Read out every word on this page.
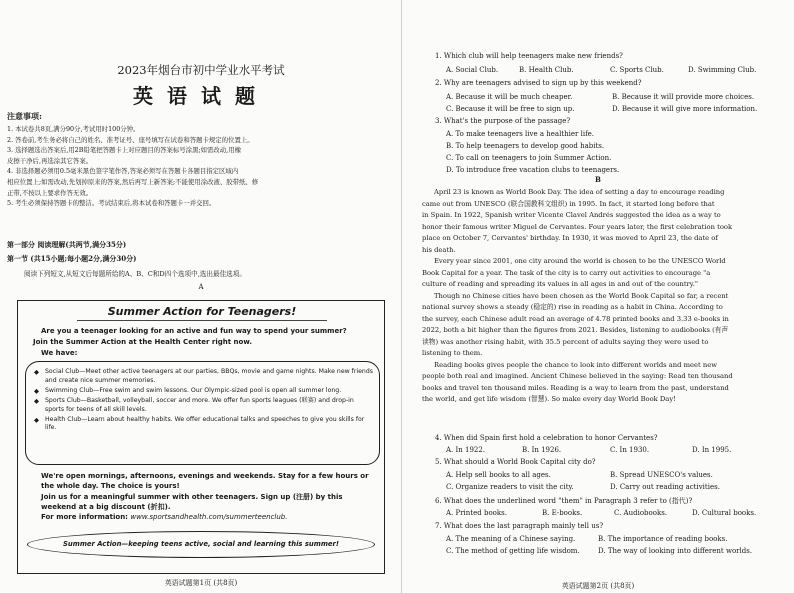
2023年烟台市初中学业水平考试
英语试题
注意事项:
1. 本试卷共8页,满分90分,考试用时100分钟。
2. 答卷前,考生务必将自己的姓名、准考证号、座号填写在试卷和答题卡规定的位置上。
3. 选择题选出答案后,用2B铅笔把答题卡上对应题目的答案标号涂黑;如需改动,用橡
皮擦干净后,再选涂其它答案。
4. 非选择题必须用0.5毫米黑色签字笔作答,答案必须写在答题卡各题目指定区域内
相应位置上;如需改动,先划掉原来的答案,然后再写上新答案;不能使用涂改液、胶带纸、修
正带,不按以上要求作答无效。
5. 考生必须保持答题卡的整洁。考试结束后,将本试卷和答题卡一并交回。
第一部分 阅读理解(共两节,满分35分)
第一节 (共15小题;每小题2分,满分30分)
阅读下列短文,从短文后每题所给的A、B、C和D四个选项中,选出最佳选项。
A
Summer Action for Teenagers!
Are you a teenager looking for an active and fun way to spend your summer?
Join the Summer Action at the Health Center right now.
We have:
◆ Social Club—Meet other active teenagers at our parties, BBQs, movie and game nights. Make new friends and create nice summer memories.
◆ Swimming Club—Free swim and swim lessons. Our Olympic-sized pool is open all summer long.
◆ Sports Club—Basketball, volleyball, soccer and more. We offer fun sports leagues (联赛) and drop-in sports for teens of all skill levels.
◆ Health Club—Learn about healthy habits. We offer educational talks and speeches to give you skills for life.
We're open mornings, afternoons, evenings and weekends. Stay for a few hours or the whole day. The choice is yours!
Join us for a meaningful summer with other teenagers. Sign up (注册) by this weekend at a big discount (折扣).
For more information: www.sportsandhealth.com/summerteenclub.
Summer Action—keeping teens active, social and learning this summer!
英语试题第1页 (共8页)
1. Which club will help teenagers make new friends?
A. Social Club.	B. Health Club.	C. Sports Club.	D. Swimming Club.
2. Why are teenagers advised to sign up by this weekend?
A. Because it will be much cheaper.	B. Because it will provide more choices.
C. Because it will be free to sign up.	D. Because it will give more information.
3. What's the purpose of the passage?
A. To make teenagers live a healthier life.
B. To help teenagers to develop good habits.
C. To call on teenagers to join Summer Action.
D. To introduce free vacation clubs to teenagers.
B
April 23 is known as World Book Day. The idea of setting a day to encourage reading
came out from UNESCO (联合国教科文组织) in 1995. In fact, it started long before that
in Spain. In 1922, Spanish writer Vicente Clavel Andrés suggested the idea as a way to
honor their famous writer Miguel de Cervantes. Four years later, the first celebration took
place on October 7, Cervantes' birthday. In 1930, it was moved to April 23, the date of
his death.
Every year since 2001, one city around the world is chosen to be the UNESCO World
Book Capital for a year. The task of the city is to carry out activities to encourage "a
culture of reading and spreading its values in all ages in and out of the country."
Though no Chinese cities have been chosen as the World Book Capital so far, a recent
national survey shows a steady (稳定的) rise in reading as a habit in China. According to
the survey, each Chinese adult read an average of 4.78 printed books and 3.33 e-books in
2022, both a bit higher than the figures from 2021. Besides, listening to audiobooks (有声
读物) was another rising habit, with 35.5 percent of adults saying they were used to
listening to them.
Reading books gives people the chance to look into different worlds and meet new
people both real and imagined. Ancient Chinese believed in the saying: Read ten thousand
books and travel ten thousand miles. Reading is a way to learn from the past, understand
the world, and get life wisdom (智慧). So make every day World Book Day!
4. When did Spain first hold a celebration to honor Cervantes?
A. In 1922.	B. In 1926.	C. In 1930.	D. In 1995.
5. What should a World Book Capital city do?
A. Help sell books to all ages.	B. Spread UNESCO's values.
C. Organize readers to visit the city.	D. Carry out reading activities.
6. What does the underlined word "them" in Paragraph 3 refer to (指代)?
A. Printed books.	B. E-books.	C. Audiobooks.	D. Cultural books.
7. What does the last paragraph mainly tell us?
A. The meaning of a Chinese saying.	B. The importance of reading books.
C. The method of getting life wisdom.	D. The way of looking into different worlds.
英语试题第2页 (共8页)
